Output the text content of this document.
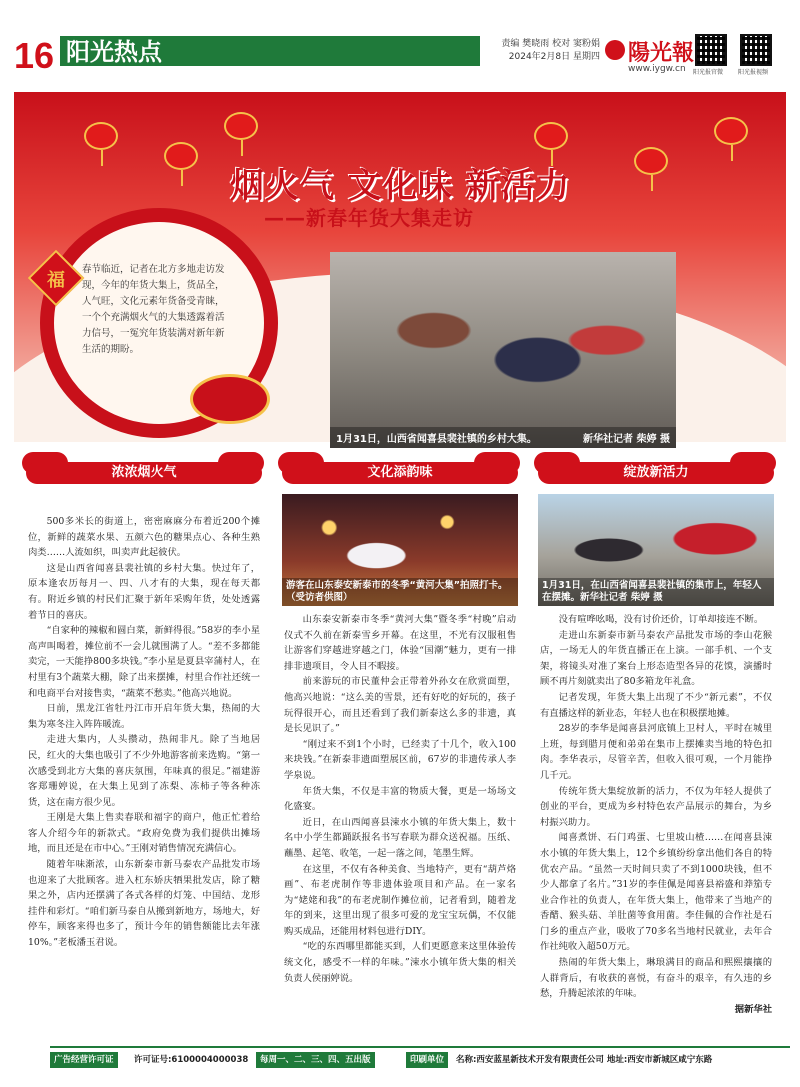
16 阳光热点	责编 樊晓雨 校对 窦粉娟
2024年2月8日 星期四 陽光報
www.iygw.cn 阳光报官微 阳光报视频
烟火气 文化味 新活力
——新春年货大集走访
福
春节临近，记者在北方多地走访发现，今年的年货大集上，货品全，人气旺，文化元素年货备受青睐，一个个充满烟火气的大集透露着活力信号，一冤究年货装满对新年新生活的期盼。
1月31日，山西省闻喜县裴社镇的乡村大集。	新华社记者 柴婷 摄
浓浓烟火气

500多米长的街道上，密密麻麻分布着近200个摊位，新鲜的蔬菜水果、五颜六色的糖果点心、各种生熟肉类……人流如织，叫卖声此起彼伏。

这是山西省闻喜县裴社镇的乡村大集。快过年了，原本逢农历每月一、四、八才有的大集，现在每天都有。附近乡镇的村民们汇聚于新年采购年货，处处透露着节日的喜庆。

“自家种的辣椒和圆白菜，新鲜得很。”58岁的李小星高声叫喝着，摊位前不一会儿就围满了人。“差不多都能卖完，一天能挣800多块钱。”李小星是夏县宰蒲村人，在村里有3个蔬菜大棚，除了出来摆摊，村里合作社还统一和电商平台对接售卖，“蔬菜不愁卖。”他高兴地说。

日前，黑龙江省牡丹江市开启年货大集，热闹的大集为寒冬注入阵阵暖流。

走进大集内，人头攒动，热闹非凡。除了当地居民，红火的大集也吸引了不少外地游客前来选购。“第一次感受到北方大集的喜庆氛围，年味真的很足。”福建游客郑珊婷说，在大集上见到了冻梨、冻柿子等各种冻货，这在南方很少见。

王刚是大集上售卖春联和福字的商户，他正忙着给客人介绍今年的新款式。“政府免费为我们提供出摊场地，而且还是在市中心。”王刚对销售情况充满信心。

随着年味渐浓，山东新泰市新马泰农产品批发市场也迎来了大批顾客。进入杠东娇庆牺果批发店，除了糖果之外，店内还摆满了各式各样的灯笼、中国结、龙形挂件和彩灯。“咱们新马泰自从搬到新地方，场地大，好停车，顾客来得也多了，预计今年的销售额能比去年涨10%。”老板潘玉君说。

文化添韵味
游客在山东泰安新泰市的冬季“黄河大集”拍照打卡。（受访者供图）

山东泰安新泰市冬季“黄河大集”暨冬季“村晚”启动仪式不久前在新泰雪乡开幕。在这里，不光有汉服租售让游客们穿越进穿越之门，体验“国潮”魅力，更有一排排非遗项目，令人目不暇接。

前来游玩的市民董仲会正带着外孙女在欣赏面塑，他高兴地说：“这么美的雪景，还有好吃的好玩的，孩子玩得很开心，而且还看到了我们新泰这么多的非遗，真是长见识了。”

“刚过来不到1个小时，已经卖了十几个，收入100来块钱。”在新泰非遗面塑展区前，67岁的非遗传承人李学泉说。

年货大集，不仅是丰富的物质大餐，更是一场场文化盛宴。

近日，在山西闻喜县涑水小镇的年货大集上，数十名中小学生都踊跃报名书写春联为群众送祝福。压纸、蘸墨、起笔、收笔，一起一落之间，笔墨生辉。

在这里，不仅有各种美食、当地特产，更有“葫芦烙画”、布老虎制作等非遗体验项目和产品。在一家名为“姥姥和我”的布老虎制作摊位前，记者看到，随着龙年的到来，这里出现了很多可爱的龙宝宝玩偶，不仅能购买成品，还能用材料包进行DIY。

“吃的东西哪里都能买到，人们更愿意来这里体验传统文化，感受不一样的年味。”涑水小镇年货大集的相关负责人侯丽婷说。

绽放新活力
1月31日，在山西省闻喜县裴社镇的集市上，年轻人在摆摊。新华社记者 柴婷 摄

没有喧哗吆喝，没有讨价还价，订单却接连不断。

走进山东新泰市新马泰农产品批发市场的李山花猴店，一场无人的年货直播正在上演。一部手机、一个支架，将镜头对准了案台上形态造型各异的花馍，演播时顾不再片刻就卖出了80多箱龙年礼盒。

记者发现，年货大集上出现了不少“新元素”，不仅有直播这样的新业态，年轻人也在积极摆地摊。

28岁的李华是闻喜县河底镇上卫村人，平时在城里上班，每到腊月便和弟弟在集市上摆摊卖当地的特色扣肉。李华表示，尽管辛苦，但收入很可观，一个月能挣几千元。

传统年货大集绽放新的活力，不仅为年轻人提供了创业的平台，更成为乡村特色农产品展示的舞台，为乡村振兴助力。

闻喜煮饼、石门鸡蛋、七里坡山楂……在闻喜县涑水小镇的年货大集上，12个乡镇纷纷拿出他们各自的特优农产品。“虽然一天时间只卖了不到1000块钱，但不少人都拿了名片。”31岁的李佳佩是闻喜县裕盛和莽笳专业合作社的负责人，在年货大集上，他带来了当地产的香醋、猴头菇、羊肚菌等食用菌。李佳佩的合作社是石门乡的重点产业，吸收了70多名当地村民就业，去年合作社纯收入超50万元。

热闹的年货大集上，琳琅满目的商品和熙熙攘攘的人群背后，有收获的喜悦，有奋斗的艰辛，有久违的乡愁，升腾起浓浓的年味。

据新华社
广告经营许可证	许可证号:6100004000038	每周一、二、三、四、五出版	印刷单位	名称:西安蓝星新技术开发有限责任公司 地址:西安市新城区咸宁东路
